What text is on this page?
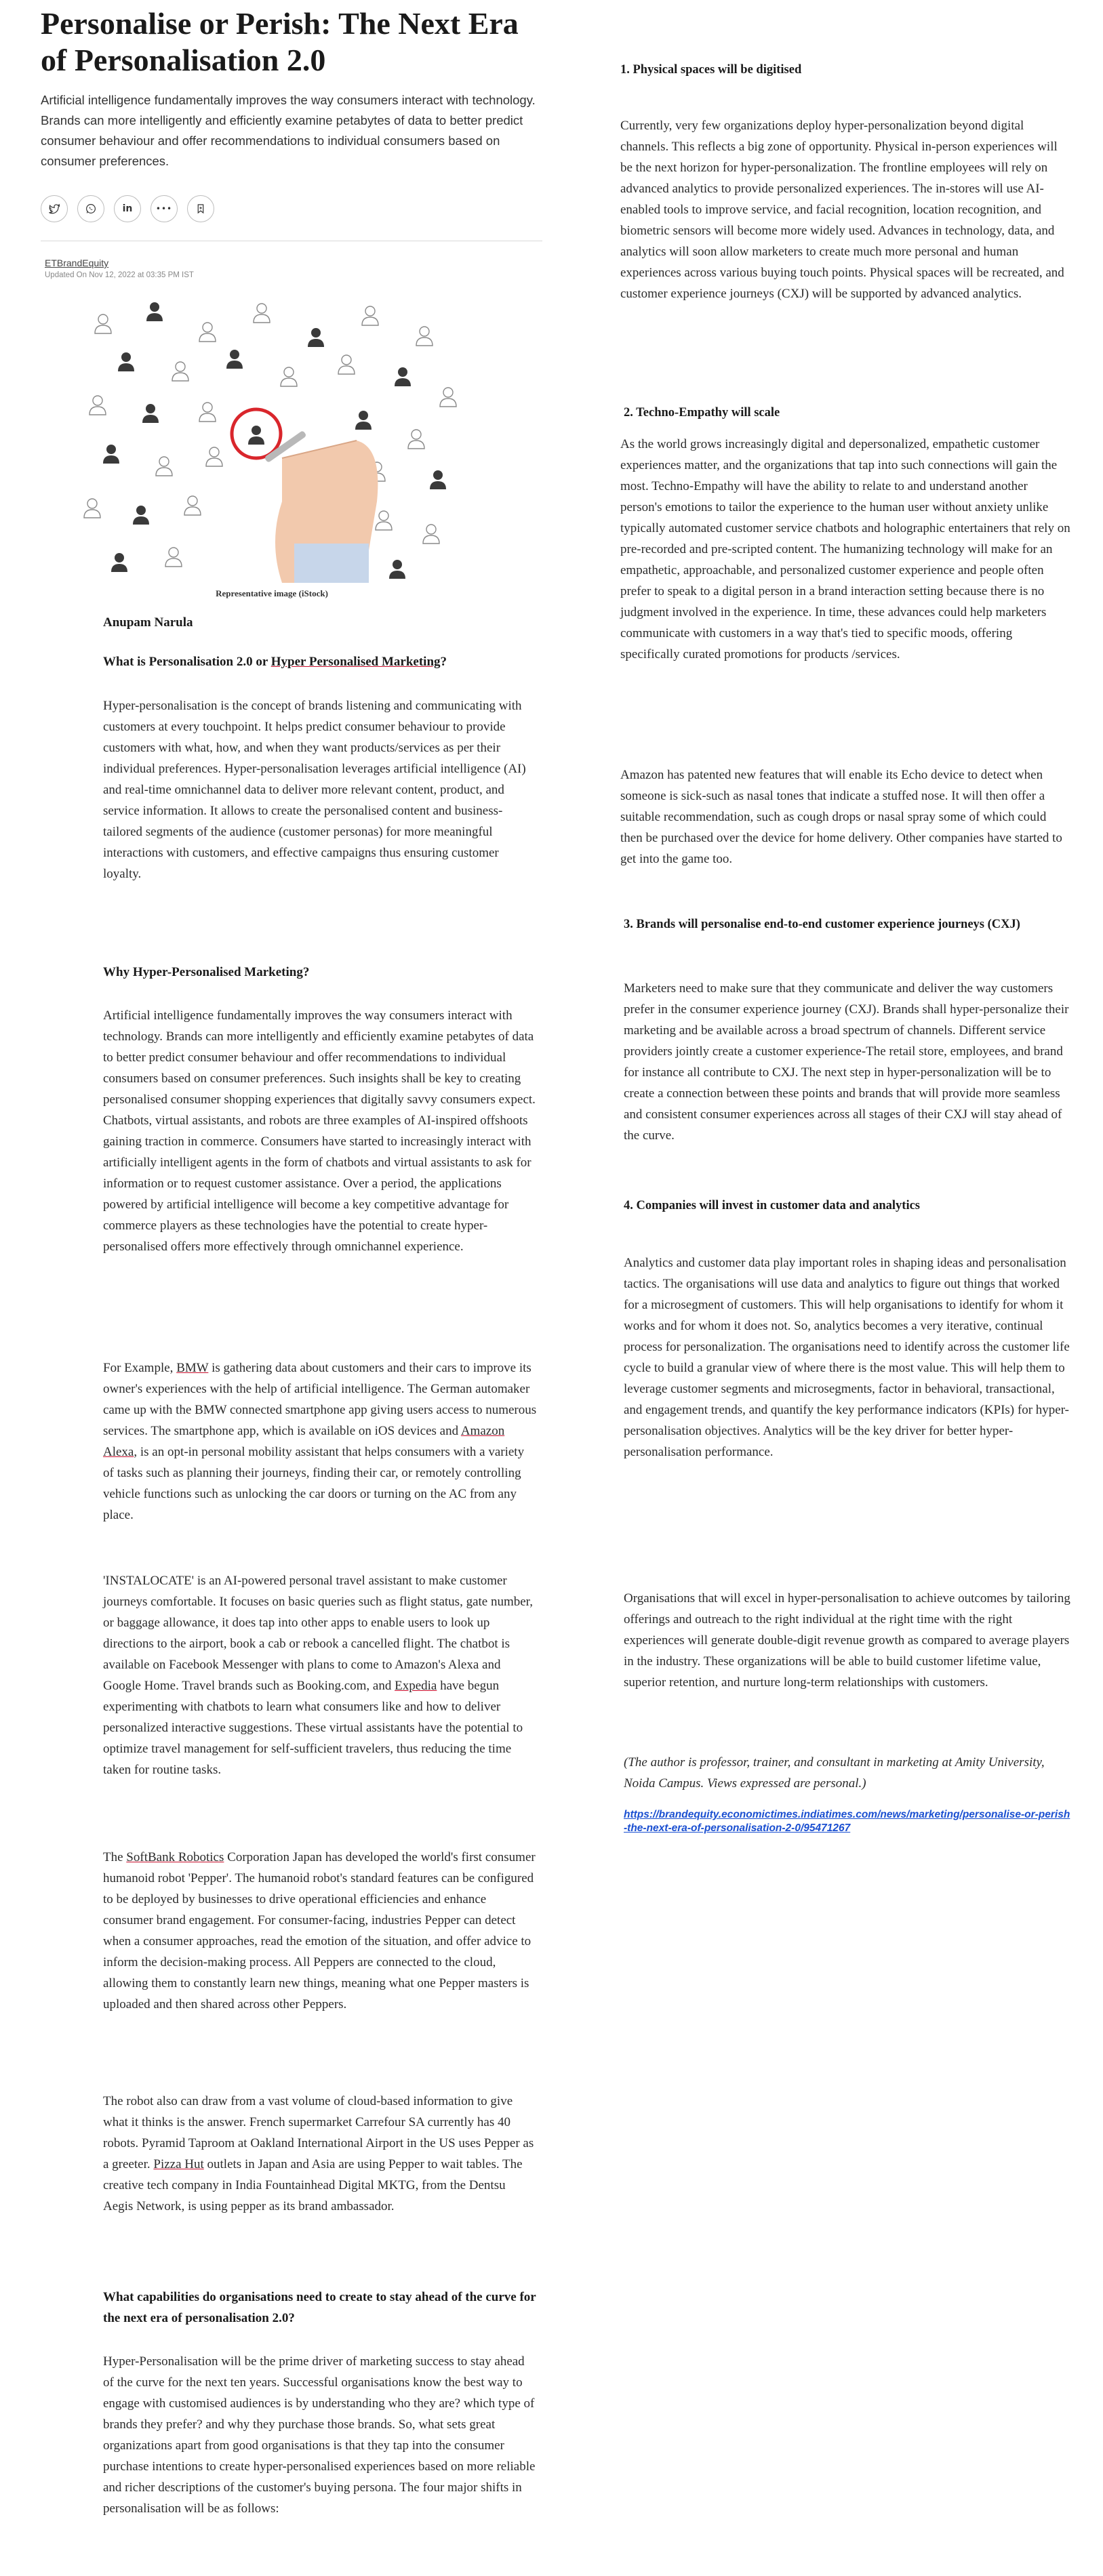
Personalise or Perish: The Next Era of Personalisation 2.0

Artificial intelligence fundamentally improves the way consumers interact with technology. Brands can more intelligently and efficiently examine petabytes of data to better predict consumer behaviour and offer recommendations to individual consumers based on consumer preferences.

in	•••
ETBrandEquity
Updated On Nov 12, 2022 at 03:35 PM IST
Representative image (iStock)
Anupam Narula
What is Personalisation 2.0 or Hyper Personalised Marketing?

Hyper-personalisation is the concept of brands listening and communicating with customers at every touchpoint. It helps predict consumer behaviour to provide customers with what, how, and when they want products/services as per their individual preferences. Hyper-personalisation leverages artificial intelligence (AI) and real-time omnichannel data to deliver more relevant content, product, and service information. It allows to create the personalised content and business-tailored segments of the audience (customer personas) for more meaningful interactions with customers, and effective campaigns thus ensuring customer loyalty.

Why Hyper-Personalised Marketing?

Artificial intelligence fundamentally improves the way consumers interact with technology. Brands can more intelligently and efficiently examine petabytes of data to better predict consumer behaviour and offer recommendations to individual consumers based on consumer preferences. Such insights shall be key to creating personalised consumer shopping experiences that digitally savvy consumers expect. Chatbots, virtual assistants, and robots are three examples of AI-inspired offshoots gaining traction in commerce. Consumers have started to increasingly interact with artificially intelligent agents in the form of chatbots and virtual assistants to ask for information or to request customer assistance. Over a period, the applications powered by artificial intelligence will become a key competitive advantage for commerce players as these technologies have the potential to create hyper-personalised offers more effectively through omnichannel experience.

For Example, BMW is gathering data about customers and their cars to improve its owner's experiences with the help of artificial intelligence. The German automaker came up with the BMW connected smartphone app giving users access to numerous services. The smartphone app, which is available on iOS devices and Amazon Alexa, is an opt-in personal mobility assistant that helps consumers with a variety of tasks such as planning their journeys, finding their car, or remotely controlling vehicle functions such as unlocking the car doors or turning on the AC from any place.

'INSTALOCATE' is an AI-powered personal travel assistant to make customer journeys comfortable. It focuses on basic queries such as flight status, gate number, or baggage allowance, it does tap into other apps to enable users to look up directions to the airport, book a cab or rebook a cancelled flight. The chatbot is available on Facebook Messenger with plans to come to Amazon's Alexa and Google Home. Travel brands such as Booking.com, and Expedia have begun experimenting with chatbots to learn what consumers like and how to deliver personalized interactive suggestions. These virtual assistants have the potential to optimize travel management for self-sufficient travelers, thus reducing the time taken for routine tasks.

The SoftBank Robotics Corporation Japan has developed the world's first consumer humanoid robot 'Pepper'. The humanoid robot's standard features can be configured to be deployed by businesses to drive operational efficiencies and enhance consumer brand engagement. For consumer-facing, industries Pepper can detect when a consumer approaches, read the emotion of the situation, and offer advice to inform the decision-making process. All Peppers are connected to the cloud, allowing them to constantly learn new things, meaning what one Pepper masters is uploaded and then shared across other Peppers.

The robot also can draw from a vast volume of cloud-based information to give what it thinks is the answer. French supermarket Carrefour SA currently has 40 robots. Pyramid Taproom at Oakland International Airport in the US uses Pepper as a greeter. Pizza Hut outlets in Japan and Asia are using Pepper to wait tables. The creative tech company in India Fountainhead Digital MKTG, from the Dentsu Aegis Network, is using pepper as its brand ambassador.

What capabilities do organisations need to create to stay ahead of the curve for the next era of personalisation 2.0?

Hyper-Personalisation will be the prime driver of marketing success to stay ahead of the curve for the next ten years. Successful organisations know the best way to engage with customised audiences is by understanding who they are? which type of brands they prefer? and why they purchase those brands. So, what sets great organizations apart from good organisations is that they tap into the consumer purchase intentions to create hyper-personalised experiences based on more reliable and richer descriptions of the customer's buying persona. The four major shifts in personalisation will be as follows:

1. Physical spaces will be digitised

Currently, very few organizations deploy hyper-personalization beyond digital channels. This reflects a big zone of opportunity. Physical in-person experiences will be the next horizon for hyper-personalization. The frontline employees will rely on advanced analytics to provide personalized experiences. The in-stores will use AI-enabled tools to improve service, and facial recognition, location recognition, and biometric sensors will become more widely used. Advances in technology, data, and analytics will soon allow marketers to create much more personal and human experiences across various buying touch points. Physical spaces will be recreated, and customer experience journeys (CXJ) will be supported by advanced analytics.

2. Techno-Empathy will scale

As the world grows increasingly digital and depersonalized, empathetic customer experiences matter, and the organizations that tap into such connections will gain the most. Techno-Empathy will have the ability to relate to and understand another person's emotions to tailor the experience to the human user without anxiety unlike typically automated customer service chatbots and holographic entertainers that rely on pre-recorded and pre-scripted content. The humanizing technology will make for an empathetic, approachable, and personalized customer experience and people often prefer to speak to a digital person in a brand interaction setting because there is no judgment involved in the experience. In time, these advances could help marketers communicate with customers in a way that's tied to specific moods, offering specifically curated promotions for products /services.

Amazon has patented new features that will enable its Echo device to detect when someone is sick-such as nasal tones that indicate a stuffed nose. It will then offer a suitable recommendation, such as cough drops or nasal spray some of which could then be purchased over the device for home delivery. Other companies have started to get into the game too.

3. Brands will personalise end-to-end customer experience journeys (CXJ)

Marketers need to make sure that they communicate and deliver the way customers prefer in the consumer experience journey (CXJ). Brands shall hyper-personalize their marketing and be available across a broad spectrum of channels. Different service providers jointly create a customer experience-The retail store, employees, and brand for instance all contribute to CXJ. The next step in hyper-personalization will be to create a connection between these points and brands that will provide more seamless and consistent consumer experiences across all stages of their CXJ will stay ahead of the curve.

4. Companies will invest in customer data and analytics

Analytics and customer data play important roles in shaping ideas and personalisation tactics. The organisations will use data and analytics to figure out things that worked for a microsegment of customers. This will help organisations to identify for whom it works and for whom it does not. So, analytics becomes a very iterative, continual process for personalization. The organisations need to identify across the customer life cycle to build a granular view of where there is the most value. This will help them to leverage customer segments and microsegments, factor in behavioral, transactional, and engagement trends, and quantify the key performance indicators (KPIs) for hyper-personalisation objectives. Analytics will be the key driver for better hyper-personalisation performance.

Organisations that will excel in hyper-personalisation to achieve outcomes by tailoring offerings and outreach to the right individual at the right time with the right experiences will generate double-digit revenue growth as compared to average players in the industry. These organizations will be able to build customer lifetime value, superior retention, and nurture long-term relationships with customers.

(The author is professor, trainer, and consultant in marketing at Amity University, Noida Campus. Views expressed are personal.)

https://brandequity.economictimes.indiatimes.com/news/marketing/personalise-or-perish-the-next-era-of-personalisation-2-0/95471267
